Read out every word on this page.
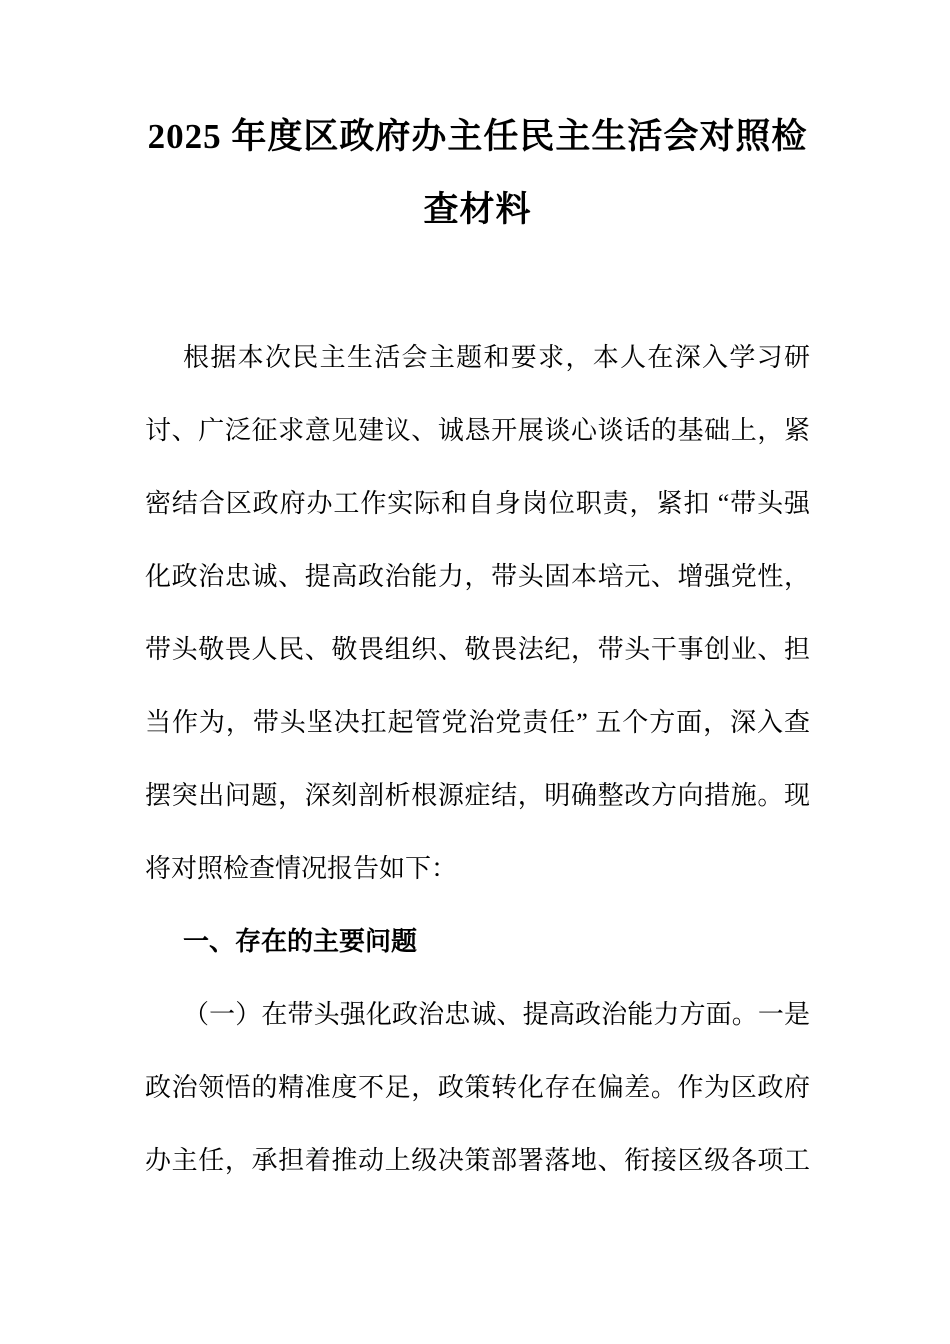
2025 年度区政府办主任民主生活会对照检
查材料
根据本次民主生活会主题和要求，本人在深入学习研
讨、广泛征求意见建议、诚恳开展谈心谈话的基础上，紧
密结合区政府办工作实际和自身岗位职责，紧扣 “带头强
化政治忠诚、提高政治能力，带头固本培元、增强党性，
带头敬畏人民、敬畏组织、敬畏法纪，带头干事创业、担
当作为，带头坚决扛起管党治党责任” 五个方面，深入查
摆突出问题，深刻剖析根源症结，明确整改方向措施。现
将对照检查情况报告如下：
一、存在的主要问题
（一）在带头强化政治忠诚、提高政治能力方面。一是
政治领悟的精准度不足，政策转化存在偏差。作为区政府
办主任，承担着推动上级决策部署落地、衔接区级各项工
